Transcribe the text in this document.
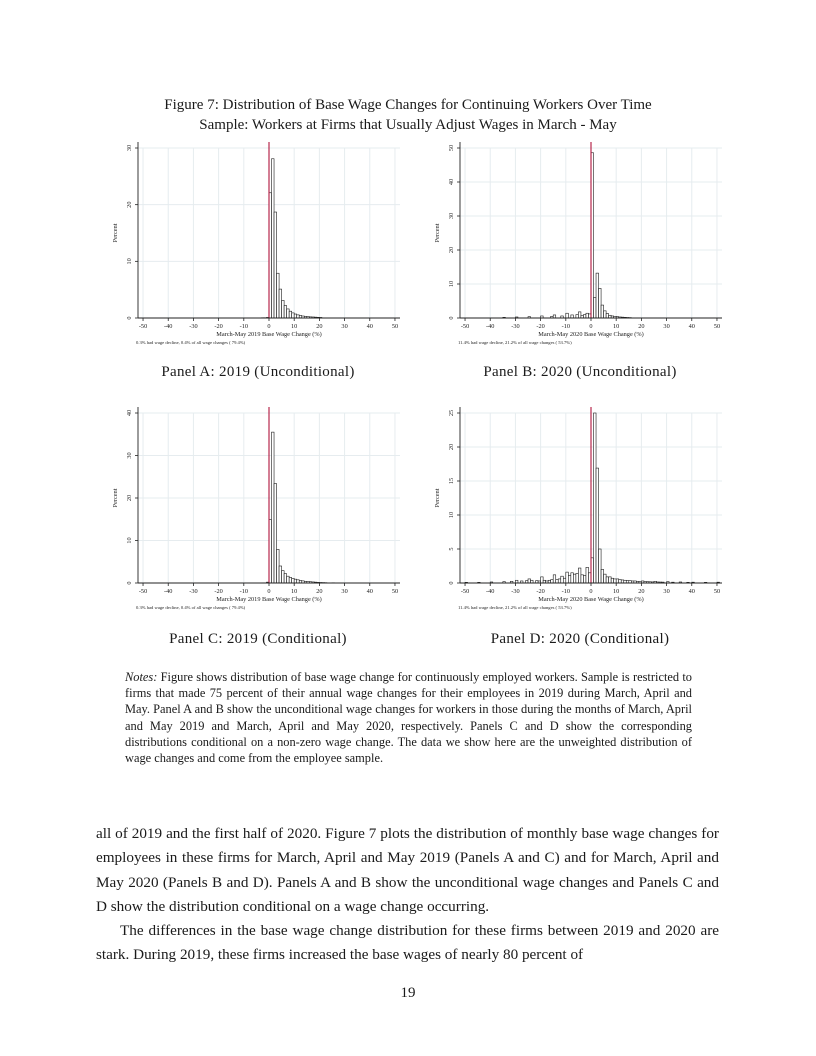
Figure 7: Distribution of Base Wage Changes for Continuing Workers Over Time
Sample: Workers at Firms that Usually Adjust Wages in March - May
-50	-40	-30	-20	-10	0	10	20	30	40	50
0
10
20
30
March-May 2019 Base Wage Change (%)
Percent
0.3% had wage decline, 0.4% of all wage changes ( 79.4%)
Panel A: 2019 (Unconditional)
-50	-40	-30	-20	-10	0	10	20	30	40	50
0
10
20
30
40
50
March-May 2020 Base Wage Change (%)
Percent
11.4% had wage decline, 21.2% of all wage changes ( 53.7%)
Panel B: 2020 (Unconditional)
-50	-40	-30	-20	-10	0	10	20	30	40	50
0
10
20
30
40
March-May 2019 Base Wage Change (%)
Percent
0.3% had wage decline, 0.4% of all wage changes ( 79.4%)
Panel C: 2019 (Conditional)
-50	-40	-30	-20	-10	0	10	20	30	40	50
0
5
10
15
20
25
March-May 2020 Base Wage Change (%)
Percent
11.4% had wage decline, 21.2% of all wage changes ( 53.7%)
Panel D: 2020 (Conditional)
Notes: Figure shows distribution of base wage change for continuously employed workers. Sample is restricted to firms that made 75 percent of their annual wage changes for their employees in 2019 during March, April and May. Panel A and B show the unconditional wage changes for workers in those during the months of March, April and May 2019 and March, April and May 2020, respectively. Panels C and D show the corresponding distributions conditional on a non-zero wage change. The data we show here are the unweighted distribution of wage changes and come from the employee sample.

all of 2019 and the first half of 2020. Figure 7 plots the distribution of monthly base wage changes for employees in these firms for March, April and May 2019 (Panels A and C) and for March, April and May 2020 (Panels B and D). Panels A and B show the unconditional wage changes and Panels C and D show the distribution conditional on a wage change occurring.

The differences in the base wage change distribution for these firms between 2019 and 2020 are stark. During 2019, these firms increased the base wages of nearly 80 percent of

19
